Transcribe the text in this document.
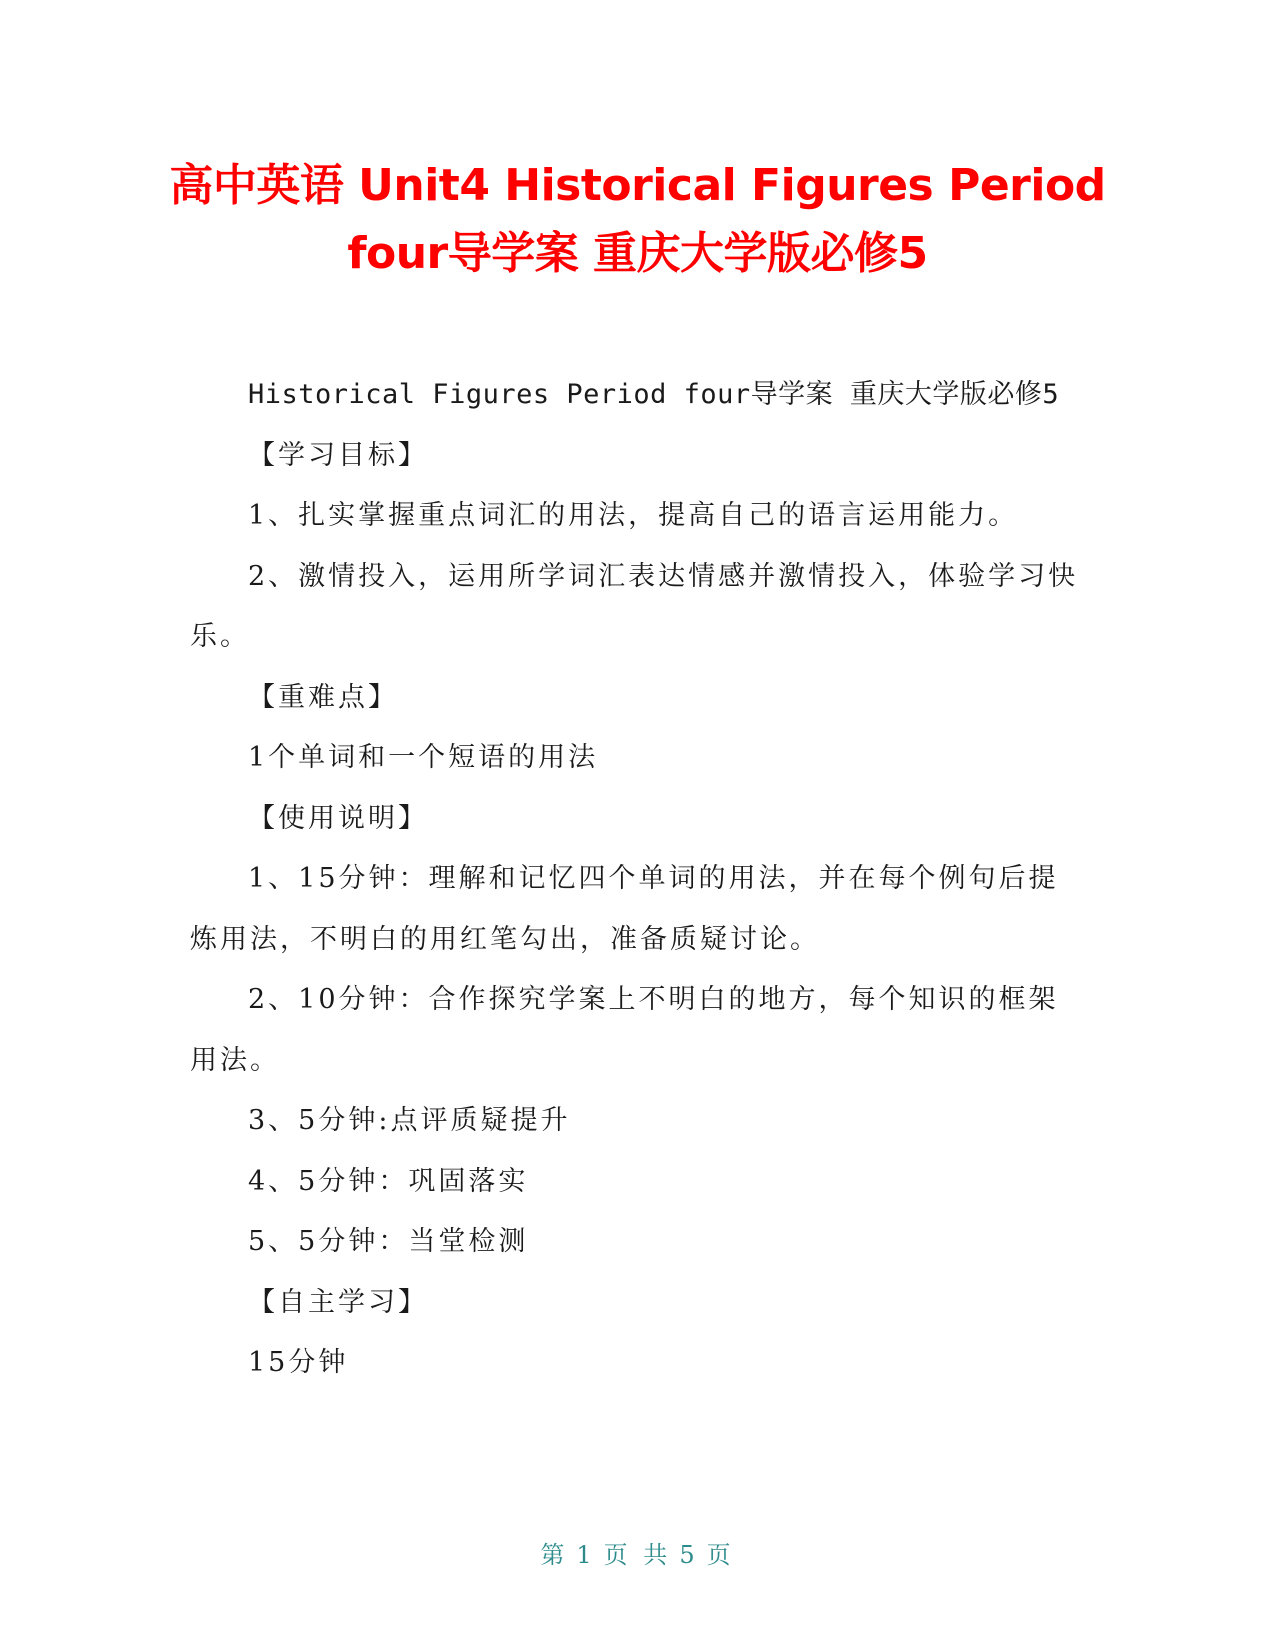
高中英语 Unit4 Historical Figures Period
four导学案 重庆大学版必修5

Historical Figures Period four导学案 重庆大学版必修5

【学习目标】

1、扎实掌握重点词汇的用法，提高自己的语言运用能力。

2、激情投入，运用所学词汇表达情感并激情投入，体验学习快乐。

【重难点】

1个单词和一个短语的用法

【使用说明】

1、15分钟：理解和记忆四个单词的用法，并在每个例句后提炼用法，不明白的用红笔勾出，准备质疑讨论。

2、10分钟：合作探究学案上不明白的地方，每个知识的框架用法。

3、5分钟:点评质疑提升

4、5分钟：巩固落实

5、5分钟：当堂检测

【自主学习】

15分钟

第 1 页 共 5 页
